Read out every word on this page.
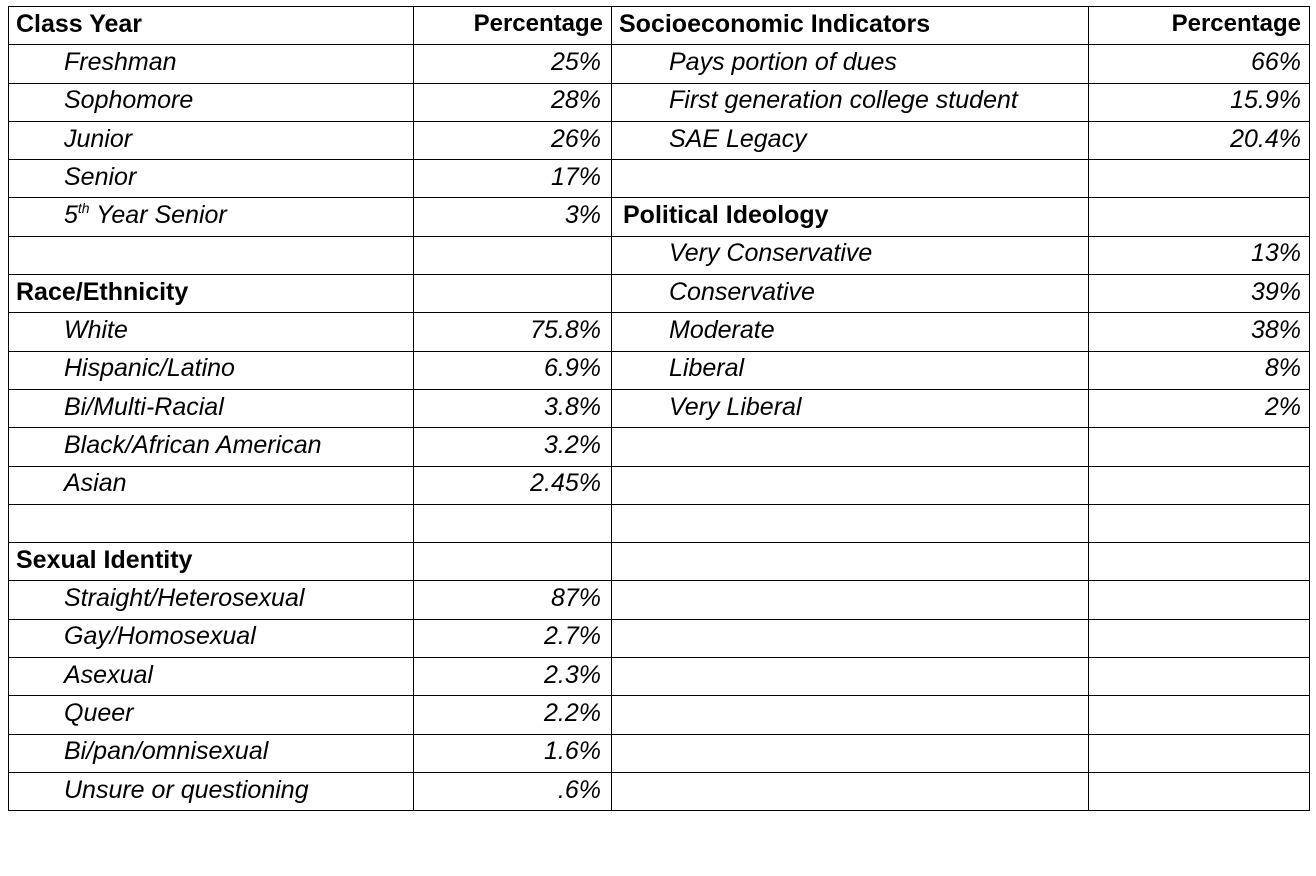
Class Year	Percentage	Socioeconomic Indicators	Percentage
Freshman	25%	Pays portion of dues	66%
Sophomore	28%	First generation college student	15.9%
Junior	26%	SAE Legacy	20.4%
Senior	17%		
5th Year Senior	3%	Political Ideology	
		Very Conservative	13%
Race/Ethnicity		Conservative	39%
White	75.8%	Moderate	38%
Hispanic/Latino	6.9%	Liberal	8%
Bi/Multi-Racial	3.8%	Very Liberal	2%
Black/African American	3.2%		
Asian	2.45%		

Sexual Identity			
Straight/Heterosexual	87%		
Gay/Homosexual	2.7%		
Asexual	2.3%		
Queer	2.2%		
Bi/pan/omnisexual	1.6%		
Unsure or questioning	.6%		
